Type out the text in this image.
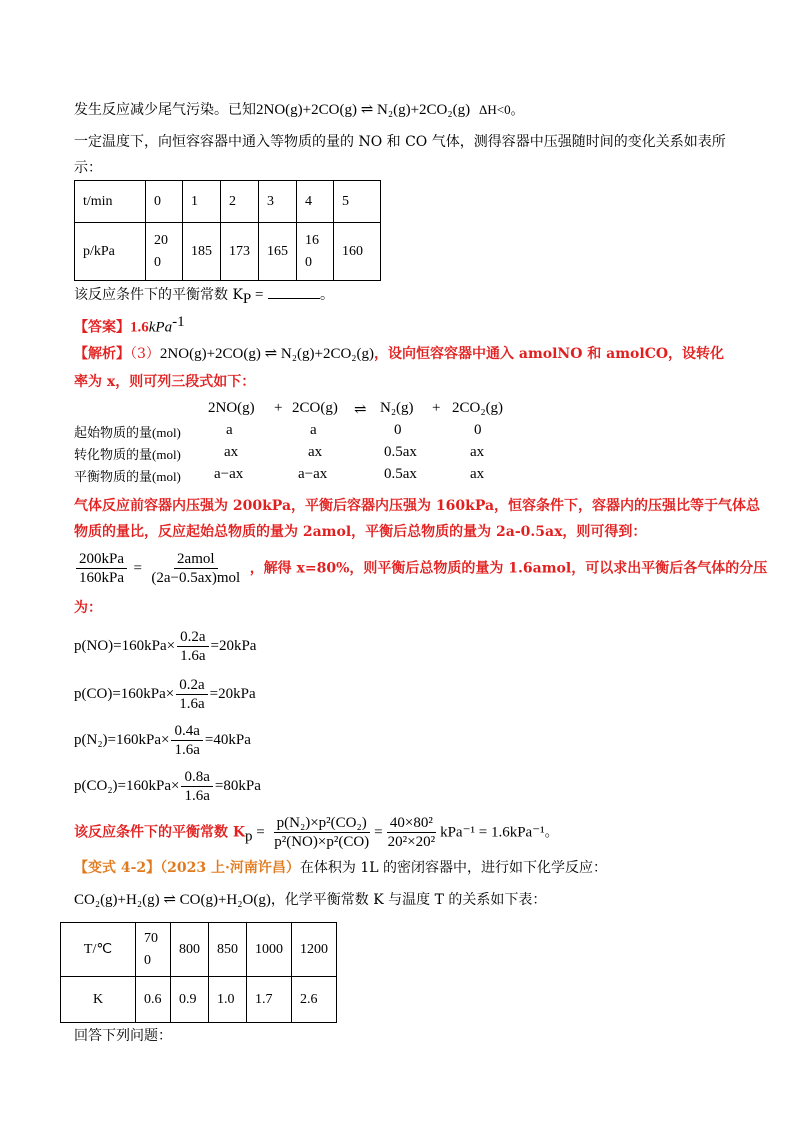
发生反应减少尾气污染。已知2NO(g)+2CO(g) ⇌ N₂(g)+2CO₂(g) ΔH<0。
一定温度下，向恒容容器中通入等物质的量的 NO 和 CO 气体，测得容器中压强随时间的变化关系如表所
示：
t/min	0	1	2	3	4	5
p/kPa	200	185	173	165	160	160
该反应条件下的平衡常数 $K_P$ =	。
【答案】1.6kPa$^{-1}$
【解析】（3）2NO(g)+2CO(g) ⇌ N₂(g)+2CO₂(g)，设向恒容容器中通入 amolNO 和 amolCO，设转化
率为 x，则可列三段式如下：
2NO(g) + 2CO(g) ⇌ N₂(g) + 2CO₂(g)
起始物质的量(mol)	a	a	0	0
转化物质的量(mol)	ax	ax	0.5ax	ax
平衡物质的量(mol) a−ax	a−ax	0.5ax	ax
气体反应前容器内压强为 200kPa，平衡后容器内压强为 160kPa，恒容条件下，容器内的压强比等于气体总
物质的量比，反应起始总物质的量为 2amol，平衡后总物质的量为 2a-0.5ax，则可得到：
$\frac{\text{200kPa}}{\text{160kPa}} = \frac{\text{2amol}}{\text{(2a−0.5ax)mol}}$ ，解得 x=80%，则平衡后总物质的量为 1.6amol，可以求出平衡后各气体的分压
为：
$p(NO)=160kPa\times \frac{0.2a}{1.6a} =20kPa$
$p(CO)=160kPa\times \frac{0.2a}{1.6a} =20kPa$
$p(N_2)=160kPa\times \frac{0.4a}{1.6a} =40kPa$
$p(CO_2)=160kPa\times \frac{0.8a}{1.6a} =80kPa$
该反应条件下的平衡常数 $K_p = \frac{\text{p(N₂)×p²(CO₂)}}{\text{p²(NO)×p²(CO)}} = \frac{\text{40×80²}}{\text{20²×20²}} kPa^{-1} = 1.6kPa^{-1}$。
【变式 4-2】（2023 上·河南许昌）在体积为 1L 的密闭容器中，进行如下化学反应：
CO₂(g)+H₂(g) ⇌ CO(g)+H₂O(g)，化学平衡常数 K 与温度 T 的关系如下表：
T/℃	700	800	850	1000	1200
K	0.6	0.9	1.0	1.7	2.6
回答下列问题：
